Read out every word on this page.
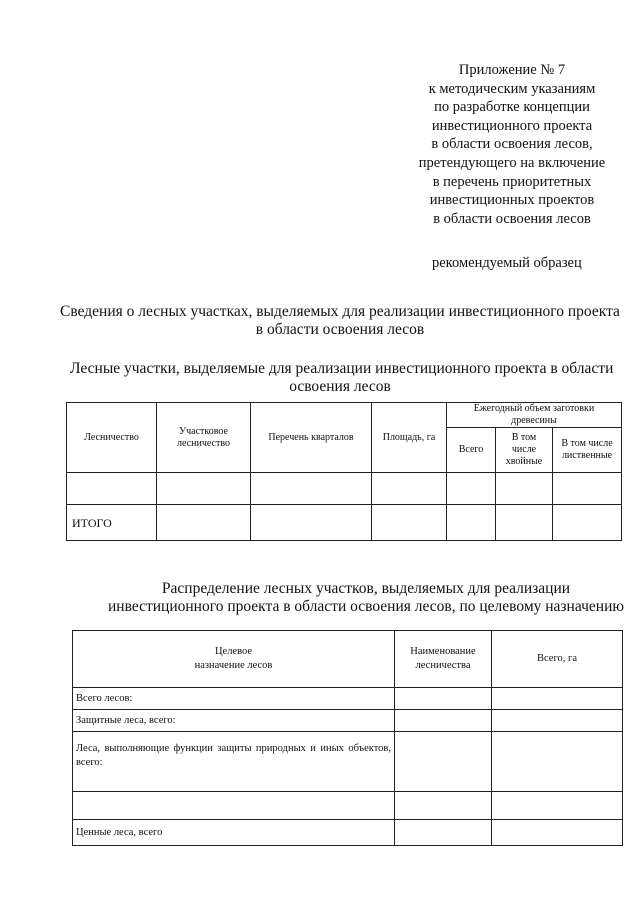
Приложение № 7
к методическим указаниям
по разработке концепции
инвестиционного проекта
в области освоения лесов,
претендующего на включение
в перечень приоритетных
инвестиционных проектов
в области освоения лесов
рекомендуемый образец
Сведения о лесных участках, выделяемых для реализации инвестиционного проекта
в области освоения лесов
Лесные участки, выделяемые для реализации инвестиционного проекта в области
освоения лесов
Лесничество	Участковое лесничество	Перечень кварталов	Площадь, га	Ежегодный объем заготовки древесины		
				Всего	В том числе хвойные	В том числе лиственные

ИТОГО						
Распределение лесных участков, выделяемых для реализации
инвестиционного проекта в области освоения лесов, по целевому назначению
Целевое
назначение лесов	Наименование лесничества	Всего, га
Всего лесов:		
Защитные леса, всего:		
Леса, выполняющие функции защиты природных и иных объектов, всего:		

Ценные леса, всего		
